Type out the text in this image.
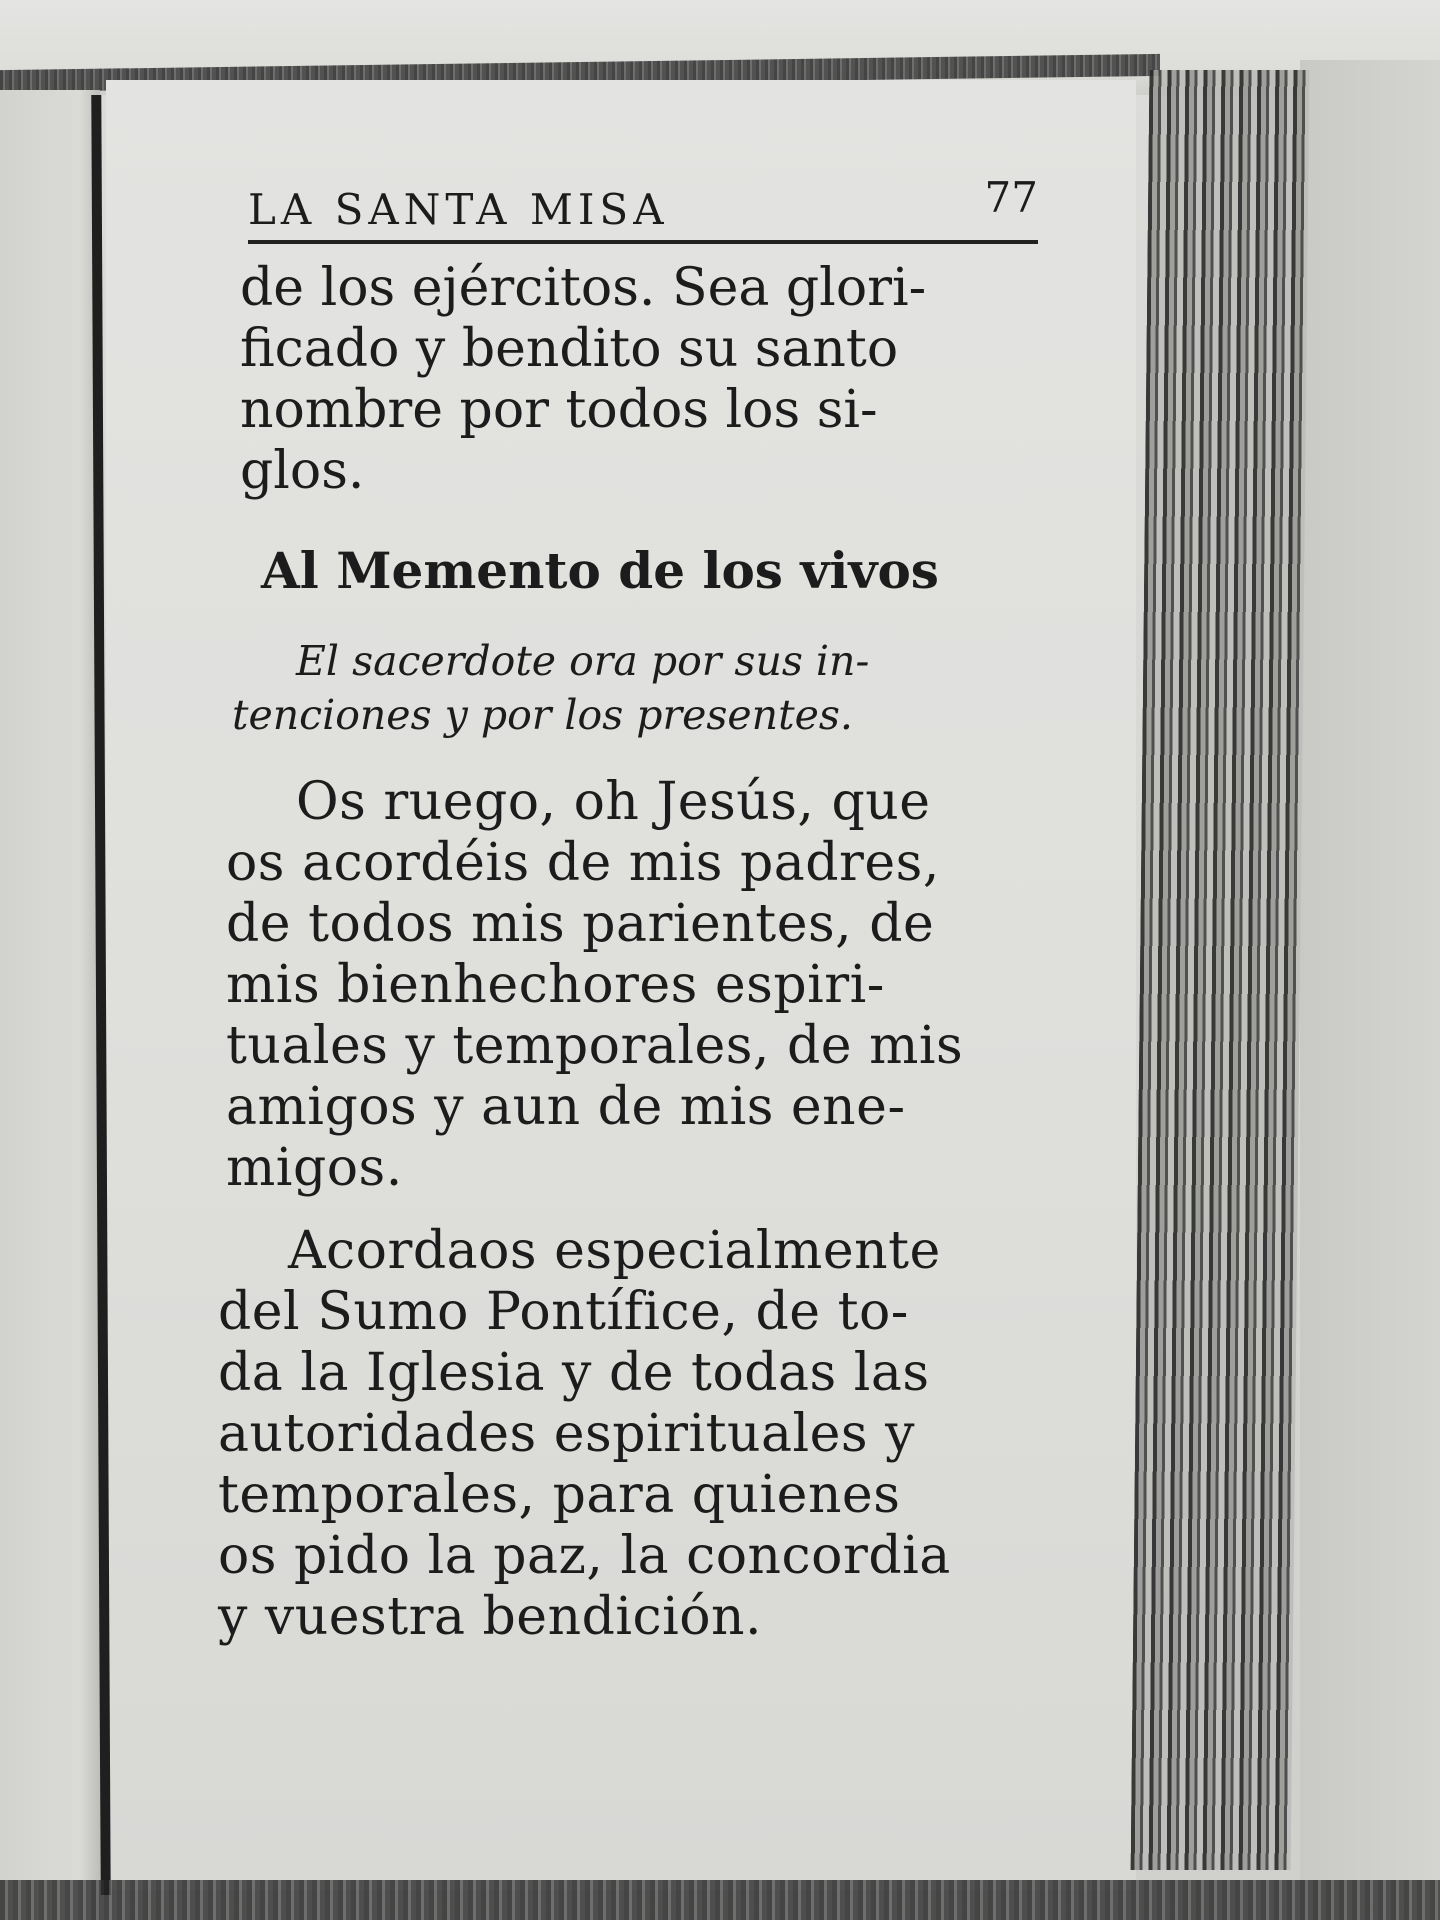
LA SANTA MISA	77

de los ejércitos. Sea glori-
ficado y bendito su santo
nombre por todos los si-
glos.

Al Memento de los vivos

El sacerdote ora por sus in-
tenciones y por los presentes.

Os ruego, oh Jesús, que
os acordéis de mis padres,
de todos mis parientes, de
mis bienhechores espiri-
tuales y temporales, de mis
amigos y aun de mis ene-
migos.

Acordaos especialmente
del Sumo Pontífice, de to-
da la Iglesia y de todas las
autoridades espirituales y
temporales, para quienes
os pido la paz, la concordia
y vuestra bendición.
